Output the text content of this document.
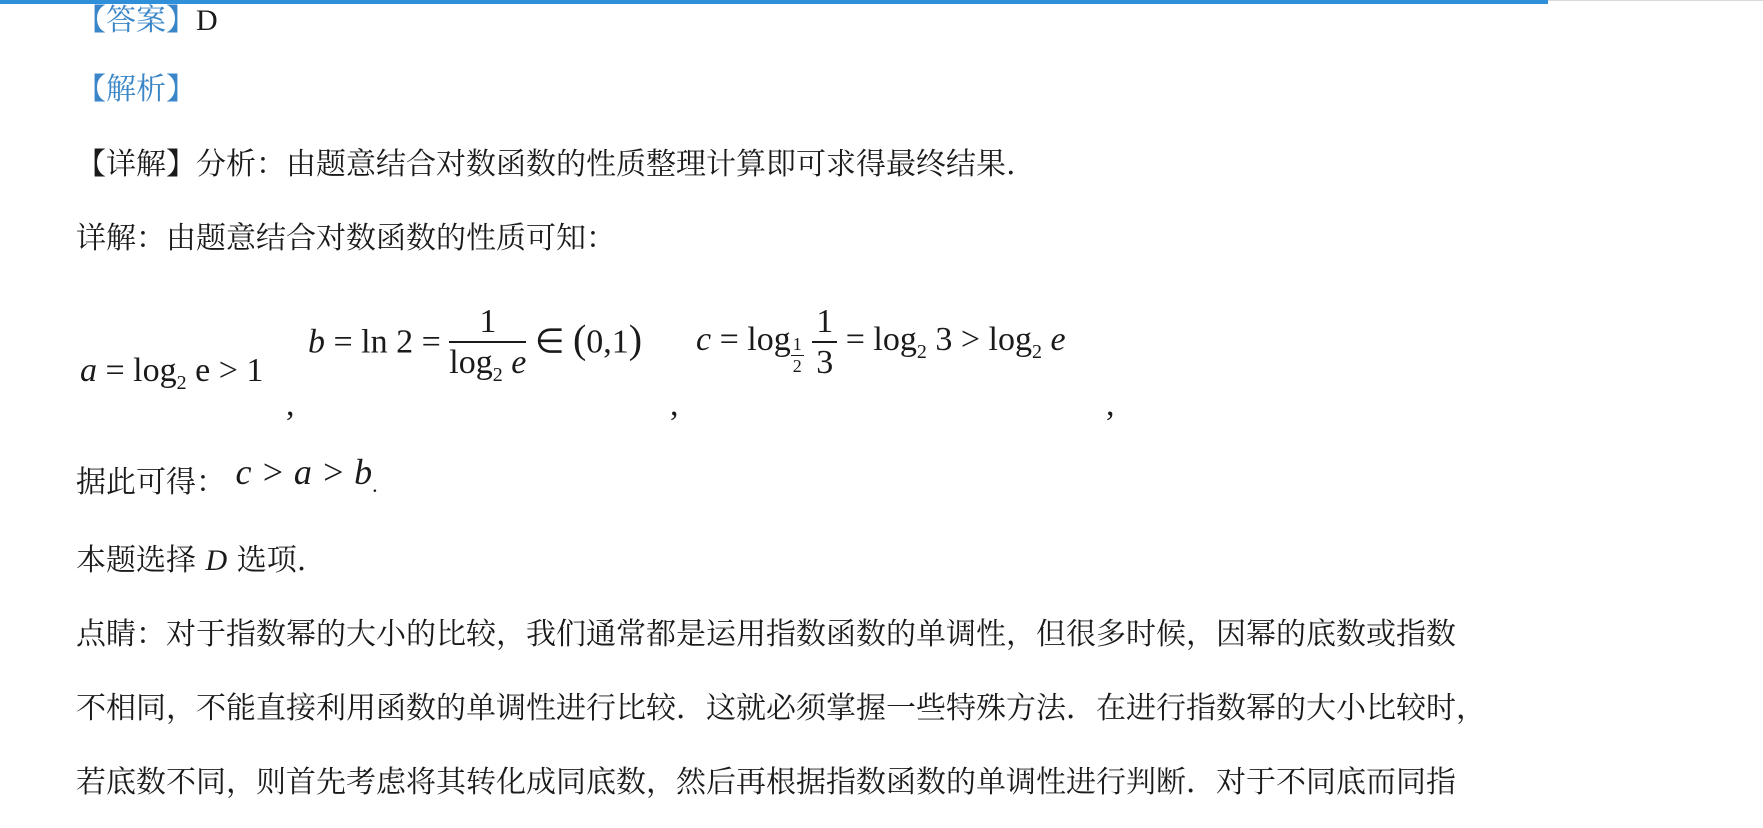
【答案】D
【解析】
【详解】分析：由题意结合对数函数的性质整理计算即可求得最终结果.
详解：由题意结合对数函数的性质可知：
$a = \log_2 e > 1$
,
$b = \ln 2 = \frac{1}{\log_2 e}$ ∈ (0,1)
,
$c = \log \frac{1}{2}$
$\frac{1}{3} = \log_2 3 > \log_2 e$
,
据此可得： c > a > b.
本题选择 D 选项.
点睛：对于指数幂的大小的比较，我们通常都是运用指数函数的单调性，但很多时候，因幂的底数或指数
不相同，不能直接利用函数的单调性进行比较．这就必须掌握一些特殊方法．在进行指数幂的大小比较时，
若底数不同，则首先考虑将其转化成同底数，然后再根据指数函数的单调性进行判断．对于不同底而同指
